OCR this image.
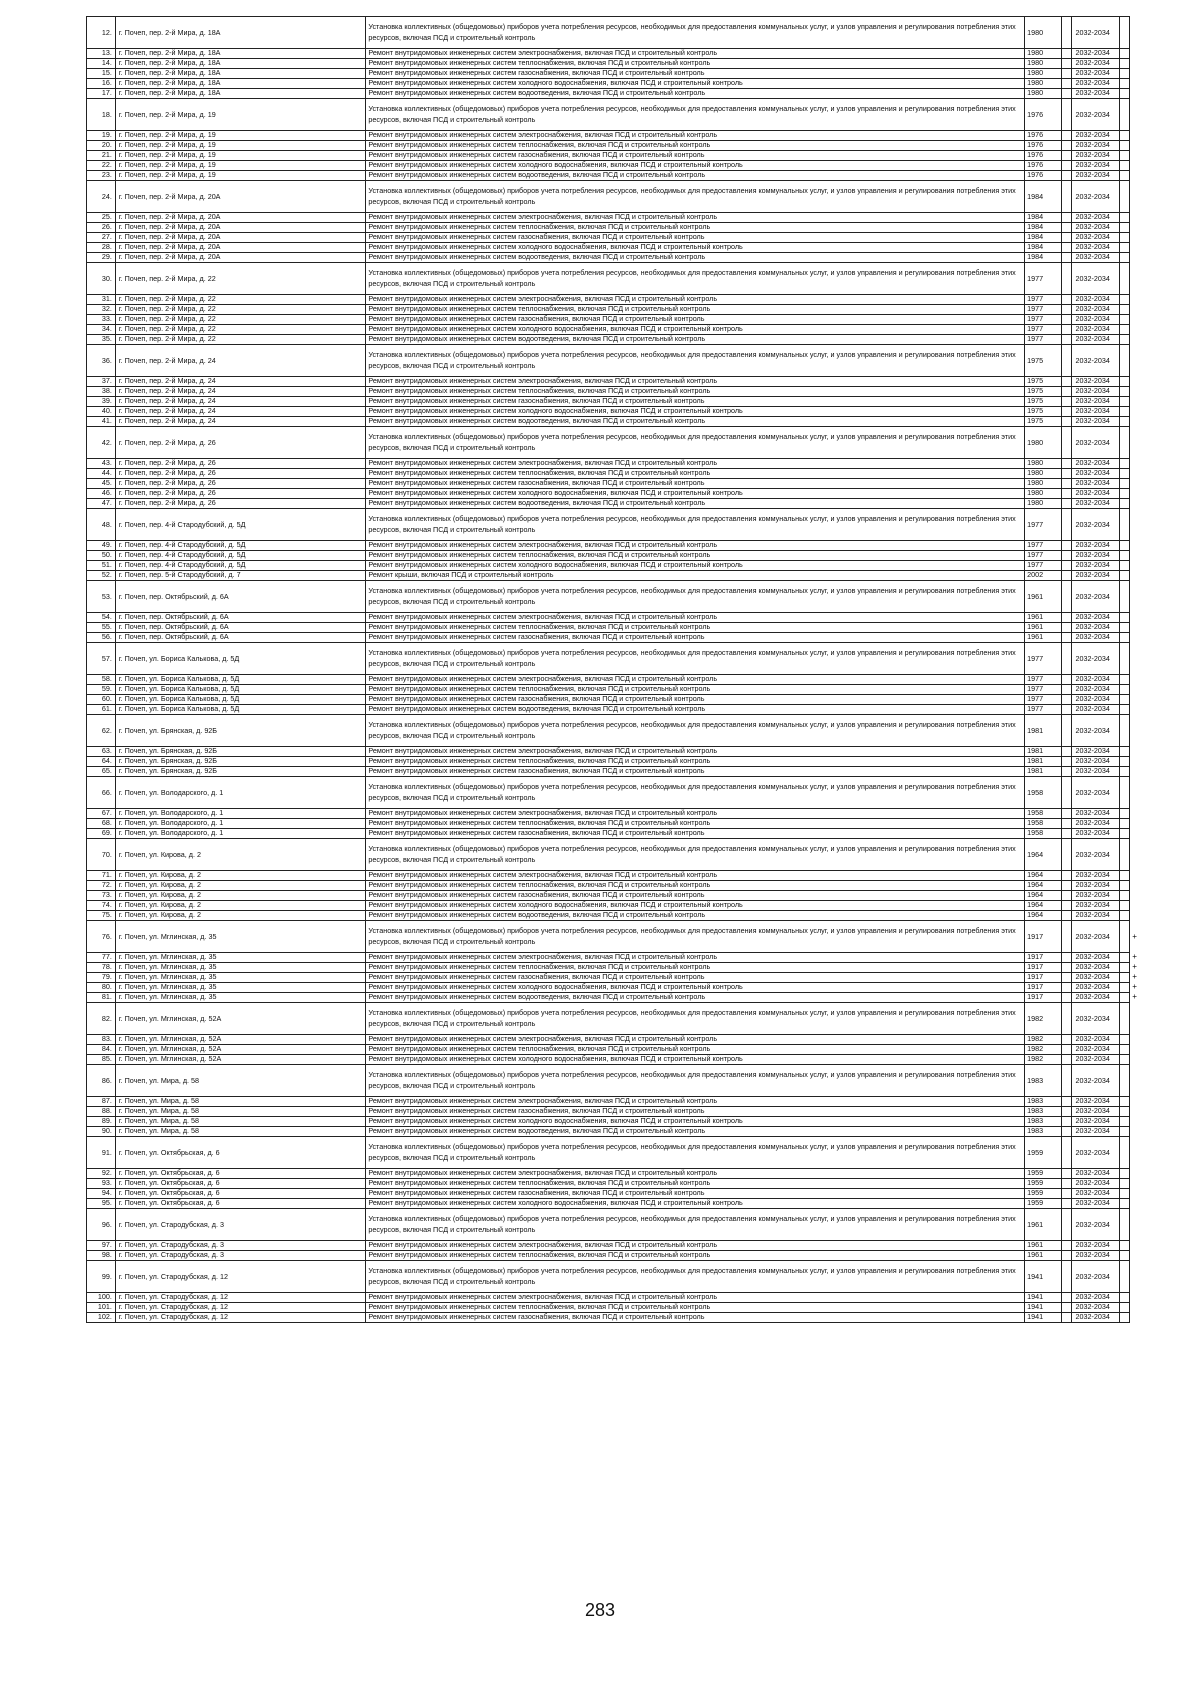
12.	г. Почеп, пер. 2-й Мира, д. 18А	Установка коллективных (общедомовых) приборов учета потребления ресурсов, необходимых для предоставления коммунальных услуг, и узлов управления и регулирования потребления этих ресурсов, включая ПСД и строительный контроль	1980		2032-2034		
13.	г. Почеп, пер. 2-й Мира, д. 18А	Ремонт внутридомовых инженерных систем электроснабжения, включая ПСД и строительный контроль	1980		2032-2034		
14.	г. Почеп, пер. 2-й Мира, д. 18А	Ремонт внутридомовых инженерных систем теплоснабжения, включая ПСД и строительный контроль	1980		2032-2034		
15.	г. Почеп, пер. 2-й Мира, д. 18А	Ремонт внутридомовых инженерных систем газоснабжения, включая ПСД и строительный контроль	1980		2032-2034		
16.	г. Почеп, пер. 2-й Мира, д. 18А	Ремонт внутридомовых инженерных систем холодного водоснабжения, включая ПСД и строительный контроль	1980		2032-2034		
17.	г. Почеп, пер. 2-й Мира, д. 18А	Ремонт внутридомовых инженерных систем водоотведения, включая ПСД и строительный контроль	1980		2032-2034		
18.	г. Почеп, пер. 2-й Мира, д. 19	Установка коллективных (общедомовых) приборов учета потребления ресурсов, необходимых для предоставления коммунальных услуг, и узлов управления и регулирования потребления этих ресурсов, включая ПСД и строительный контроль	1976		2032-2034		
19.	г. Почеп, пер. 2-й Мира, д. 19	Ремонт внутридомовых инженерных систем электроснабжения, включая ПСД и строительный контроль	1976		2032-2034		
20.	г. Почеп, пер. 2-й Мира, д. 19	Ремонт внутридомовых инженерных систем теплоснабжения, включая ПСД и строительный контроль	1976		2032-2034		
21.	г. Почеп, пер. 2-й Мира, д. 19	Ремонт внутридомовых инженерных систем газоснабжения, включая ПСД и строительный контроль	1976		2032-2034		
22.	г. Почеп, пер. 2-й Мира, д. 19	Ремонт внутридомовых инженерных систем холодного водоснабжения, включая ПСД и строительный контроль	1976		2032-2034		
23.	г. Почеп, пер. 2-й Мира, д. 19	Ремонт внутридомовых инженерных систем водоотведения, включая ПСД и строительный контроль	1976		2032-2034		
24.	г. Почеп, пер. 2-й Мира, д. 20А	Установка коллективных (общедомовых) приборов учета потребления ресурсов, необходимых для предоставления коммунальных услуг, и узлов управления и регулирования потребления этих ресурсов, включая ПСД и строительный контроль	1984		2032-2034		
25.	г. Почеп, пер. 2-й Мира, д. 20А	Ремонт внутридомовых инженерных систем электроснабжения, включая ПСД и строительный контроль	1984		2032-2034		
26.	г. Почеп, пер. 2-й Мира, д. 20А	Ремонт внутридомовых инженерных систем теплоснабжения, включая ПСД и строительный контроль	1984		2032-2034		
27.	г. Почеп, пер. 2-й Мира, д. 20А	Ремонт внутридомовых инженерных систем газоснабжения, включая ПСД и строительный контроль	1984		2032-2034		
28.	г. Почеп, пер. 2-й Мира, д. 20А	Ремонт внутридомовых инженерных систем холодного водоснабжения, включая ПСД и строительный контроль	1984		2032-2034		
29.	г. Почеп, пер. 2-й Мира, д. 20А	Ремонт внутридомовых инженерных систем водоотведения, включая ПСД и строительный контроль	1984		2032-2034		
30.	г. Почеп, пер. 2-й Мира, д. 22	Установка коллективных (общедомовых) приборов учета потребления ресурсов, необходимых для предоставления коммунальных услуг, и узлов управления и регулирования потребления этих ресурсов, включая ПСД и строительный контроль	1977		2032-2034		
31.	г. Почеп, пер. 2-й Мира, д. 22	Ремонт внутридомовых инженерных систем электроснабжения, включая ПСД и строительный контроль	1977		2032-2034		
32.	г. Почеп, пер. 2-й Мира, д. 22	Ремонт внутридомовых инженерных систем теплоснабжения, включая ПСД и строительный контроль	1977		2032-2034		
33.	г. Почеп, пер. 2-й Мира, д. 22	Ремонт внутридомовых инженерных систем газоснабжения, включая ПСД и строительный контроль	1977		2032-2034		
34.	г. Почеп, пер. 2-й Мира, д. 22	Ремонт внутридомовых инженерных систем холодного водоснабжения, включая ПСД и строительный контроль	1977		2032-2034		
35.	г. Почеп, пер. 2-й Мира, д. 22	Ремонт внутридомовых инженерных систем водоотведения, включая ПСД и строительный контроль	1977		2032-2034		
36.	г. Почеп, пер. 2-й Мира, д. 24	Установка коллективных (общедомовых) приборов учета потребления ресурсов, необходимых для предоставления коммунальных услуг, и узлов управления и регулирования потребления этих ресурсов, включая ПСД и строительный контроль	1975		2032-2034		
37.	г. Почеп, пер. 2-й Мира, д. 24	Ремонт внутридомовых инженерных систем электроснабжения, включая ПСД и строительный контроль	1975		2032-2034		
38.	г. Почеп, пер. 2-й Мира, д. 24	Ремонт внутридомовых инженерных систем теплоснабжения, включая ПСД и строительный контроль	1975		2032-2034		
39.	г. Почеп, пер. 2-й Мира, д. 24	Ремонт внутридомовых инженерных систем газоснабжения, включая ПСД и строительный контроль	1975		2032-2034		
40.	г. Почеп, пер. 2-й Мира, д. 24	Ремонт внутридомовых инженерных систем холодного водоснабжения, включая ПСД и строительный контроль	1975		2032-2034		
41.	г. Почеп, пер. 2-й Мира, д. 24	Ремонт внутридомовых инженерных систем водоотведения, включая ПСД и строительный контроль	1975		2032-2034		
42.	г. Почеп, пер. 2-й Мира, д. 26	Установка коллективных (общедомовых) приборов учета потребления ресурсов, необходимых для предоставления коммунальных услуг, и узлов управления и регулирования потребления этих ресурсов, включая ПСД и строительный контроль	1980		2032-2034		
43.	г. Почеп, пер. 2-й Мира, д. 26	Ремонт внутридомовых инженерных систем электроснабжения, включая ПСД и строительный контроль	1980		2032-2034		
44.	г. Почеп, пер. 2-й Мира, д. 26	Ремонт внутридомовых инженерных систем теплоснабжения, включая ПСД и строительный контроль	1980		2032-2034		
45.	г. Почеп, пер. 2-й Мира, д. 26	Ремонт внутридомовых инженерных систем газоснабжения, включая ПСД и строительный контроль	1980		2032-2034		
46.	г. Почеп, пер. 2-й Мира, д. 26	Ремонт внутридомовых инженерных систем холодного водоснабжения, включая ПСД и строительный контроль	1980		2032-2034		
47.	г. Почеп, пер. 2-й Мира, д. 26	Ремонт внутридомовых инженерных систем водоотведения, включая ПСД и строительный контроль	1980		2032-2034		
48.	г. Почеп, пер. 4-й Стародубский, д. 5Д	Установка коллективных (общедомовых) приборов учета потребления ресурсов, необходимых для предоставления коммунальных услуг, и узлов управления и регулирования потребления этих ресурсов, включая ПСД и строительный контроль	1977		2032-2034		
49.	г. Почеп, пер. 4-й Стародубский, д. 5Д	Ремонт внутридомовых инженерных систем электроснабжения, включая ПСД и строительный контроль	1977		2032-2034		
50.	г. Почеп, пер. 4-й Стародубский, д. 5Д	Ремонт внутридомовых инженерных систем теплоснабжения, включая ПСД и строительный контроль	1977		2032-2034		
51.	г. Почеп, пер. 4-й Стародубский, д. 5Д	Ремонт внутридомовых инженерных систем холодного водоснабжения, включая ПСД и строительный контроль	1977		2032-2034		
52.	г. Почеп, пер. 5-й Стародубский, д. 7	Ремонт крыши, включая ПСД и строительный контроль	2002		2032-2034		
53.	г. Почеп, пер. Октябрьский, д. 6А	Установка коллективных (общедомовых) приборов учета потребления ресурсов, необходимых для предоставления коммунальных услуг, и узлов управления и регулирования потребления этих ресурсов, включая ПСД и строительный контроль	1961		2032-2034		
54.	г. Почеп, пер. Октябрьский, д. 6А	Ремонт внутридомовых инженерных систем электроснабжения, включая ПСД и строительный контроль	1961		2032-2034		
55.	г. Почеп, пер. Октябрьский, д. 6А	Ремонт внутридомовых инженерных систем теплоснабжения, включая ПСД и строительный контроль	1961		2032-2034		
56.	г. Почеп, пер. Октябрьский, д. 6А	Ремонт внутридомовых инженерных систем газоснабжения, включая ПСД и строительный контроль	1961		2032-2034		
57.	г. Почеп, ул. Бориса Калькова, д. 5Д	Установка коллективных (общедомовых) приборов учета потребления ресурсов, необходимых для предоставления коммунальных услуг, и узлов управления и регулирования потребления этих ресурсов, включая ПСД и строительный контроль	1977		2032-2034		
58.	г. Почеп, ул. Бориса Калькова, д. 5Д	Ремонт внутридомовых инженерных систем электроснабжения, включая ПСД и строительный контроль	1977		2032-2034		
59.	г. Почеп, ул. Бориса Калькова, д. 5Д	Ремонт внутридомовых инженерных систем теплоснабжения, включая ПСД и строительный контроль	1977		2032-2034		
60.	г. Почеп, ул. Бориса Калькова, д. 5Д	Ремонт внутридомовых инженерных систем газоснабжения, включая ПСД и строительный контроль	1977		2032-2034		
61.	г. Почеп, ул. Бориса Калькова, д. 5Д	Ремонт внутридомовых инженерных систем водоотведения, включая ПСД и строительный контроль	1977		2032-2034		
62.	г. Почеп, ул. Брянская, д. 92Б	Установка коллективных (общедомовых) приборов учета потребления ресурсов, необходимых для предоставления коммунальных услуг, и узлов управления и регулирования потребления этих ресурсов, включая ПСД и строительный контроль	1981		2032-2034		
63.	г. Почеп, ул. Брянская, д. 92Б	Ремонт внутридомовых инженерных систем электроснабжения, включая ПСД и строительный контроль	1981		2032-2034		
64.	г. Почеп, ул. Брянская, д. 92Б	Ремонт внутридомовых инженерных систем теплоснабжения, включая ПСД и строительный контроль	1981		2032-2034		
65.	г. Почеп, ул. Брянская, д. 92Б	Ремонт внутридомовых инженерных систем газоснабжения, включая ПСД и строительный контроль	1981		2032-2034		
66.	г. Почеп, ул. Володарского, д. 1	Установка коллективных (общедомовых) приборов учета потребления ресурсов, необходимых для предоставления коммунальных услуг, и узлов управления и регулирования потребления этих ресурсов, включая ПСД и строительный контроль	1958		2032-2034		
67.	г. Почеп, ул. Володарского, д. 1	Ремонт внутридомовых инженерных систем электроснабжения, включая ПСД и строительный контроль	1958		2032-2034		
68.	г. Почеп, ул. Володарского, д. 1	Ремонт внутридомовых инженерных систем теплоснабжения, включая ПСД и строительный контроль	1958		2032-2034		
69.	г. Почеп, ул. Володарского, д. 1	Ремонт внутридомовых инженерных систем газоснабжения, включая ПСД и строительный контроль	1958		2032-2034		
70.	г. Почеп, ул. Кирова, д. 2	Установка коллективных (общедомовых) приборов учета потребления ресурсов, необходимых для предоставления коммунальных услуг, и узлов управления и регулирования потребления этих ресурсов, включая ПСД и строительный контроль	1964		2032-2034		
71.	г. Почеп, ул. Кирова, д. 2	Ремонт внутридомовых инженерных систем электроснабжения, включая ПСД и строительный контроль	1964		2032-2034		
72.	г. Почеп, ул. Кирова, д. 2	Ремонт внутридомовых инженерных систем теплоснабжения, включая ПСД и строительный контроль	1964		2032-2034		
73.	г. Почеп, ул. Кирова, д. 2	Ремонт внутридомовых инженерных систем газоснабжения, включая ПСД и строительный контроль	1964		2032-2034		
74.	г. Почеп, ул. Кирова, д. 2	Ремонт внутридомовых инженерных систем холодного водоснабжения, включая ПСД и строительный контроль	1964		2032-2034		
75.	г. Почеп, ул. Кирова, д. 2	Ремонт внутридомовых инженерных систем водоотведения, включая ПСД и строительный контроль	1964		2032-2034		
76.	г. Почеп, ул. Мглинская, д. 35	Установка коллективных (общедомовых) приборов учета потребления ресурсов, необходимых для предоставления коммунальных услуг, и узлов управления и регулирования потребления этих ресурсов, включая ПСД и строительный контроль	1917		2032-2034		+
77.	г. Почеп, ул. Мглинская, д. 35	Ремонт внутридомовых инженерных систем электроснабжения, включая ПСД и строительный контроль	1917		2032-2034		+
78.	г. Почеп, ул. Мглинская, д. 35	Ремонт внутридомовых инженерных систем теплоснабжения, включая ПСД и строительный контроль	1917		2032-2034		+
79.	г. Почеп, ул. Мглинская, д. 35	Ремонт внутридомовых инженерных систем газоснабжения, включая ПСД и строительный контроль	1917		2032-2034		+
80.	г. Почеп, ул. Мглинская, д. 35	Ремонт внутридомовых инженерных систем холодного водоснабжения, включая ПСД и строительный контроль	1917		2032-2034		+
81.	г. Почеп, ул. Мглинская, д. 35	Ремонт внутридомовых инженерных систем водоотведения, включая ПСД и строительный контроль	1917		2032-2034		+
82.	г. Почеп, ул. Мглинская, д. 52А	Установка коллективных (общедомовых) приборов учета потребления ресурсов, необходимых для предоставления коммунальных услуг, и узлов управления и регулирования потребления этих ресурсов, включая ПСД и строительный контроль	1982		2032-2034		
83.	г. Почеп, ул. Мглинская, д. 52А	Ремонт внутридомовых инженерных систем электроснабжения, включая ПСД и строительный контроль	1982		2032-2034		
84.	г. Почеп, ул. Мглинская, д. 52А	Ремонт внутридомовых инженерных систем теплоснабжения, включая ПСД и строительный контроль	1982		2032-2034		
85.	г. Почеп, ул. Мглинская, д. 52А	Ремонт внутридомовых инженерных систем холодного водоснабжения, включая ПСД и строительный контроль	1982		2032-2034		
86.	г. Почеп, ул. Мира, д. 58	Установка коллективных (общедомовых) приборов учета потребления ресурсов, необходимых для предоставления коммунальных услуг, и узлов управления и регулирования потребления этих ресурсов, включая ПСД и строительный контроль	1983		2032-2034		
87.	г. Почеп, ул. Мира, д. 58	Ремонт внутридомовых инженерных систем электроснабжения, включая ПСД и строительный контроль	1983		2032-2034		
88.	г. Почеп, ул. Мира, д. 58	Ремонт внутридомовых инженерных систем газоснабжения, включая ПСД и строительный контроль	1983		2032-2034		
89.	г. Почеп, ул. Мира, д. 58	Ремонт внутридомовых инженерных систем холодного водоснабжения, включая ПСД и строительный контроль	1983		2032-2034		
90.	г. Почеп, ул. Мира, д. 58	Ремонт внутридомовых инженерных систем водоотведения, включая ПСД и строительный контроль	1983		2032-2034		
91.	г. Почеп, ул. Октябрьская, д. 6	Установка коллективных (общедомовых) приборов учета потребления ресурсов, необходимых для предоставления коммунальных услуг, и узлов управления и регулирования потребления этих ресурсов, включая ПСД и строительный контроль	1959		2032-2034		
92.	г. Почеп, ул. Октябрьская, д. 6	Ремонт внутридомовых инженерных систем электроснабжения, включая ПСД и строительный контроль	1959		2032-2034		
93.	г. Почеп, ул. Октябрьская, д. 6	Ремонт внутридомовых инженерных систем теплоснабжения, включая ПСД и строительный контроль	1959		2032-2034		
94.	г. Почеп, ул. Октябрьская, д. 6	Ремонт внутридомовых инженерных систем газоснабжения, включая ПСД и строительный контроль	1959		2032-2034		
95.	г. Почеп, ул. Октябрьская, д. 6	Ремонт внутридомовых инженерных систем холодного водоснабжения, включая ПСД и строительный контроль	1959		2032-2034		
96.	г. Почеп, ул. Стародубская, д. 3	Установка коллективных (общедомовых) приборов учета потребления ресурсов, необходимых для предоставления коммунальных услуг, и узлов управления и регулирования потребления этих ресурсов, включая ПСД и строительный контроль	1961		2032-2034		
97.	г. Почеп, ул. Стародубская, д. 3	Ремонт внутридомовых инженерных систем электроснабжения, включая ПСД и строительный контроль	1961		2032-2034		
98.	г. Почеп, ул. Стародубская, д. 3	Ремонт внутридомовых инженерных систем теплоснабжения, включая ПСД и строительный контроль	1961		2032-2034		
99.	г. Почеп, ул. Стародубская, д. 12	Установка коллективных (общедомовых) приборов учета потребления ресурсов, необходимых для предоставления коммунальных услуг, и узлов управления и регулирования потребления этих ресурсов, включая ПСД и строительный контроль	1941		2032-2034		
100.	г. Почеп, ул. Стародубская, д. 12	Ремонт внутридомовых инженерных систем электроснабжения, включая ПСД и строительный контроль	1941		2032-2034		
101.	г. Почеп, ул. Стародубская, д. 12	Ремонт внутридомовых инженерных систем теплоснабжения, включая ПСД и строительный контроль	1941		2032-2034		
102.	г. Почеп, ул. Стародубская, д. 12	Ремонт внутридомовых инженерных систем газоснабжения, включая ПСД и строительный контроль	1941		2032-2034		
283
